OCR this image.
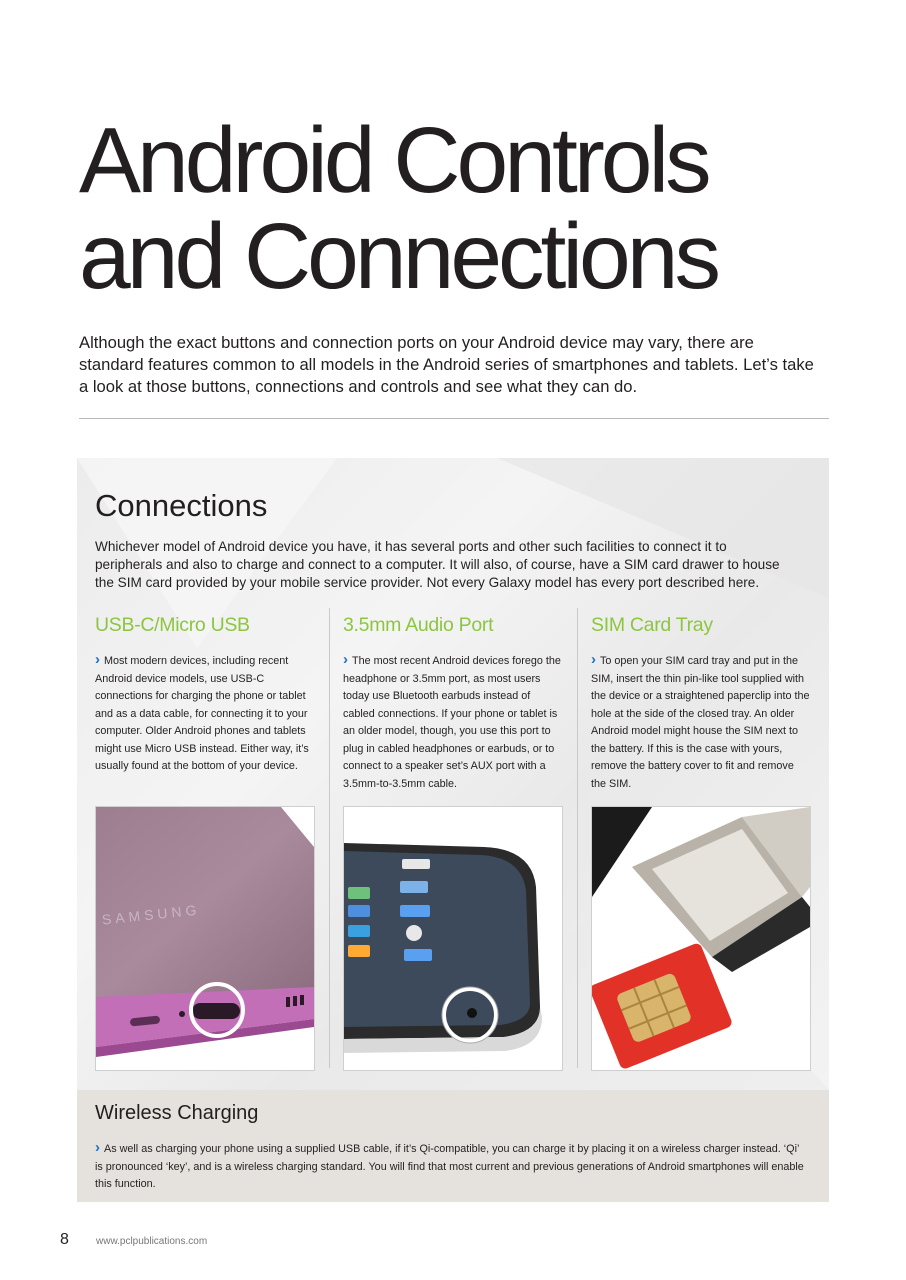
Android Controls
and Connections

Although the exact buttons and connection ports on your Android device may vary, there are standard features common to all models in the Android series of smartphones and tablets. Let’s take a look at those buttons, connections and controls and see what they can do.

Connections

Whichever model of Android device you have, it has several ports and other such facilities to connect it to peripherals and also to charge and connect to a computer. It will also, of course, have a SIM card drawer to house the SIM card provided by your mobile service provider. Not every Galaxy model has every port described here.

USB-C/Micro USB

› Most modern devices, including recent Android device models, use USB-C connections for charging the phone or tablet and as a data cable, for connecting it to your computer. Older Android phones and tablets might use Micro USB instead. Either way, it’s usually found at the bottom of your device.

3.5mm Audio Port

› The most recent Android devices forego the headphone or 3.5mm port, as most users today use Bluetooth earbuds instead of cabled connections. If your phone or tablet is an older model, though, you use this port to plug in cabled headphones or earbuds, or to connect to a speaker set’s AUX port with a 3.5mm-to-3.5mm cable.

SIM Card Tray

› To open your SIM card tray and put in the SIM, insert the thin pin-like tool supplied with the device or a straightened paperclip into the hole at the side of the closed tray. An older Android model might house the SIM next to the battery. If this is the case with yours, remove the battery cover to fit and remove the SIM.

SAMSUNG
Wireless Charging

› As well as charging your phone using a supplied USB cable, if it’s Qi-compatible, you can charge it by placing it on a wireless charger instead. ‘Qi’ is pronounced ‘key’, and is a wireless charging standard. You will find that most current and previous generations of Android smartphones will enable this function.

8	www.pclpublications.com
